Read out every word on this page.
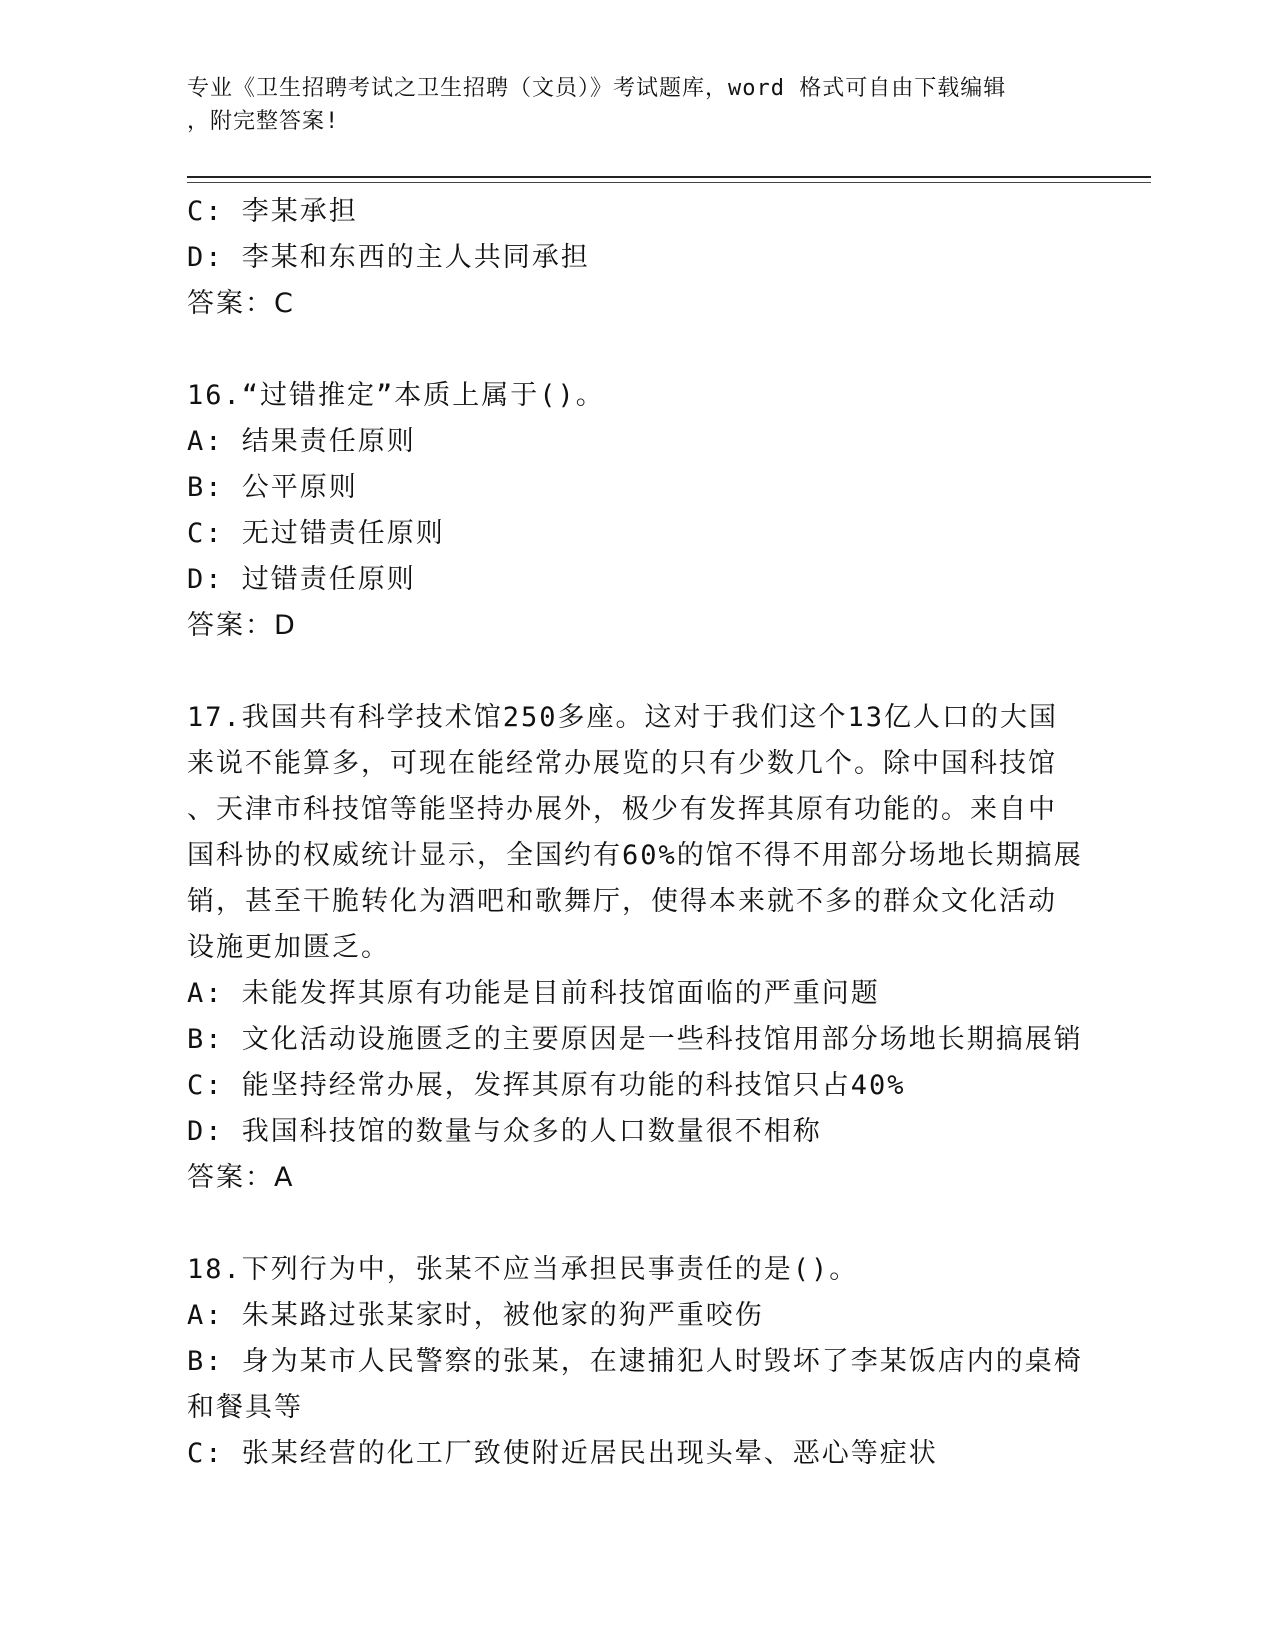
专业《卫生招聘考试之卫生招聘（文员）》考试题库，word 格式可自由下载编辑

，附完整答案!

C: 李某承担

D: 李某和东西的主人共同承担

答案：C

16.“过错推定”本质上属于()。

A: 结果责任原则

B: 公平原则

C: 无过错责任原则

D: 过错责任原则

答案：D

17.我国共有科学技术馆250多座。这对于我们这个13亿人口的大国

来说不能算多，可现在能经常办展览的只有少数几个。除中国科技馆

、天津市科技馆等能坚持办展外，极少有发挥其原有功能的。来自中

国科协的权威统计显示，全国约有60%的馆不得不用部分场地长期搞展

销，甚至干脆转化为酒吧和歌舞厅，使得本来就不多的群众文化活动

设施更加匮乏。

A: 未能发挥其原有功能是目前科技馆面临的严重问题

B: 文化活动设施匮乏的主要原因是一些科技馆用部分场地长期搞展销

C: 能坚持经常办展，发挥其原有功能的科技馆只占40%

D: 我国科技馆的数量与众多的人口数量很不相称

答案：A

18.下列行为中，张某不应当承担民事责任的是()。

A: 朱某路过张某家时，被他家的狗严重咬伤

B: 身为某市人民警察的张某，在逮捕犯人时毁坏了李某饭店内的桌椅

和餐具等

C: 张某经营的化工厂致使附近居民出现头晕、恶心等症状
